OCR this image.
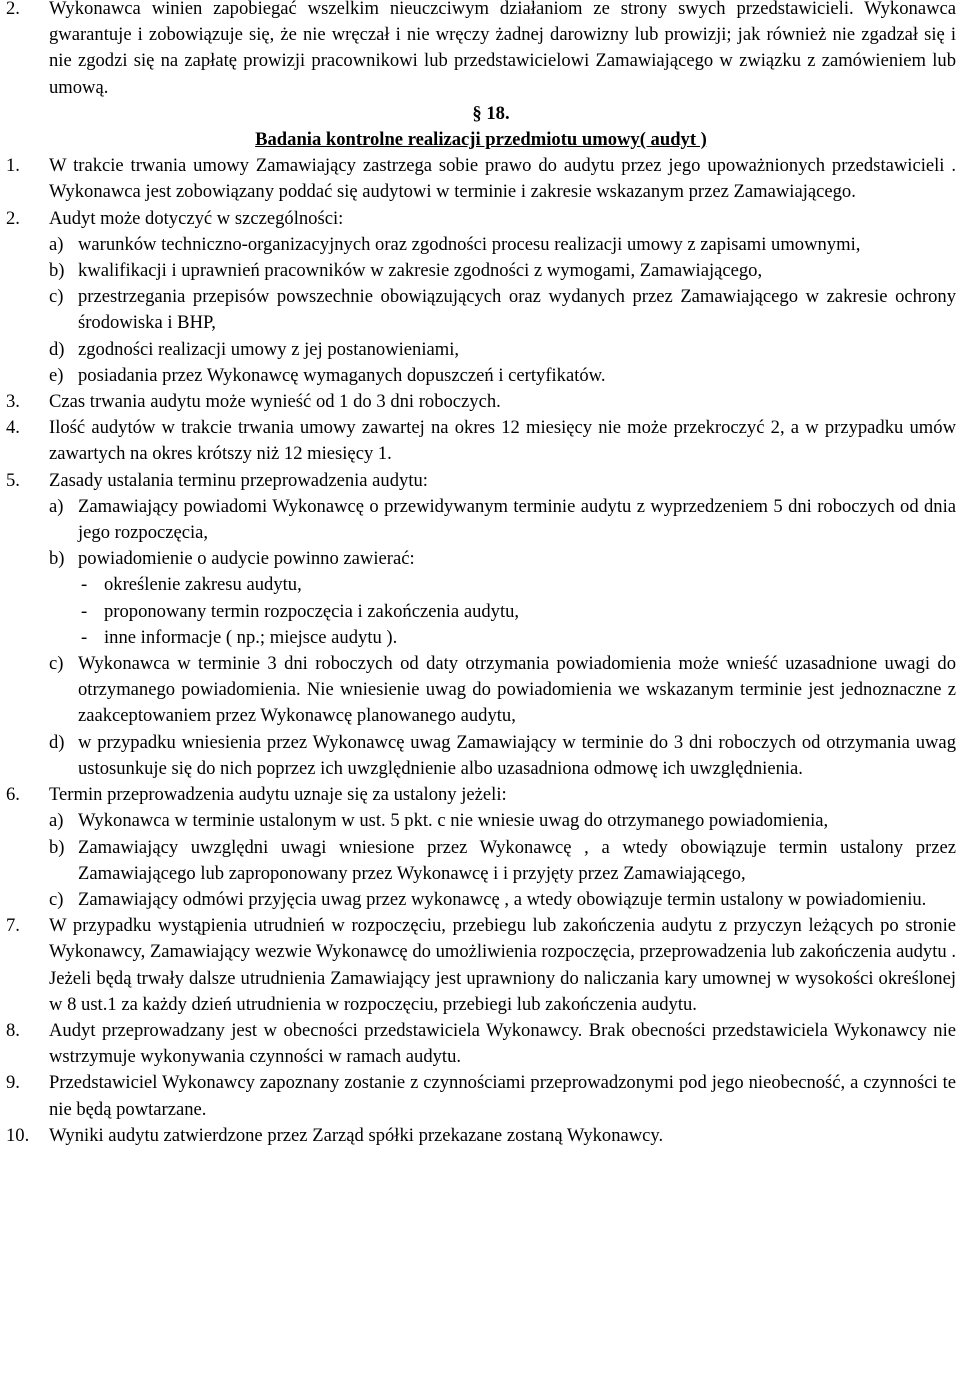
2. Wykonawca winien zapobiegać wszelkim nieuczciwym działaniom ze strony swych przedstawicieli. Wykonawca gwarantuje i zobowiązuje się, że nie wręczał i nie wręczy żadnej darowizny lub prowizji; jak również nie zgadzał się i nie zgodzi się na zapłatę prowizji pracownikowi lub przedstawicielowi Zamawiającego w związku z zamówieniem lub umową.
§ 18.
Badania kontrolne realizacji przedmiotu umowy( audyt )
1. W trakcie trwania umowy Zamawiający zastrzega sobie prawo do audytu przez jego upoważnionych przedstawicieli . Wykonawca jest zobowiązany poddać się audytowi w terminie i zakresie wskazanym przez Zamawiającego.
2. Audyt może dotyczyć w szczególności:
a) warunków techniczno-organizacyjnych oraz zgodności procesu realizacji umowy z zapisami umownymi,
b) kwalifikacji i uprawnień pracowników w zakresie zgodności z wymogami, Zamawiającego,
c) przestrzegania przepisów powszechnie obowiązujących oraz wydanych przez Zamawiającego w zakresie ochrony środowiska i BHP,
d) zgodności realizacji umowy z jej postanowieniami,
e) posiadania przez Wykonawcę wymaganych dopuszczeń i certyfikatów.
3. Czas trwania audytu może wynieść od 1 do 3 dni roboczych.
4. Ilość audytów w trakcie trwania umowy zawartej na okres 12 miesięcy nie może przekroczyć 2, a w przypadku umów zawartych na okres krótszy niż 12 miesięcy 1.
5. Zasady ustalania terminu przeprowadzenia audytu:
a) Zamawiający powiadomi Wykonawcę o przewidywanym terminie audytu z wyprzedzeniem 5 dni roboczych od dnia jego rozpoczęcia,
b) powiadomienie o audycie powinno zawierać:
- określenie zakresu audytu,
- proponowany termin rozpoczęcia i zakończenia audytu,
- inne informacje ( np.; miejsce audytu ).
c) Wykonawca w terminie 3 dni roboczych od daty otrzymania powiadomienia może wnieść uzasadnione uwagi do otrzymanego powiadomienia. Nie wniesienie uwag do powiadomienia we wskazanym terminie jest jednoznaczne z zaakceptowaniem przez Wykonawcę planowanego audytu,
d) w przypadku wniesienia przez Wykonawcę uwag Zamawiający w terminie do 3 dni roboczych od otrzymania uwag ustosunkuje się do nich poprzez ich uwzględnienie albo uzasadniona odmowę ich uwzględnienia.
6. Termin przeprowadzenia audytu uznaje się za ustalony jeżeli:
a) Wykonawca w terminie ustalonym w ust. 5 pkt. c nie wniesie uwag do otrzymanego powiadomienia,
b) Zamawiający uwzględni uwagi wniesione przez Wykonawcę , a wtedy obowiązuje termin ustalony przez Zamawiającego lub zaproponowany przez Wykonawcę i i przyjęty przez Zamawiającego,
c) Zamawiający odmówi przyjęcia uwag przez wykonawcę , a wtedy obowiązuje termin ustalony w powiadomieniu.
7. W przypadku wystąpienia utrudnień w rozpoczęciu, przebiegu lub zakończenia audytu z przyczyn leżących po stronie Wykonawcy, Zamawiający wezwie Wykonawcę do umożliwienia rozpoczęcia, przeprowadzenia lub zakończenia audytu . Jeżeli będą trwały dalsze utrudnienia Zamawiający jest uprawniony do naliczania kary umownej w wysokości określonej w 8 ust.1 za każdy dzień utrudnienia w rozpoczęciu, przebiegi lub zakończenia audytu.
8. Audyt przeprowadzany jest w obecności przedstawiciela Wykonawcy. Brak obecności przedstawiciela Wykonawcy nie wstrzymuje wykonywania czynności w ramach audytu.
9. Przedstawiciel Wykonawcy zapoznany zostanie z czynnościami przeprowadzonymi pod jego nieobecność, a czynności te nie będą powtarzane.
10. Wyniki audytu zatwierdzone przez Zarząd spółki przekazane zostaną Wykonawcy.
